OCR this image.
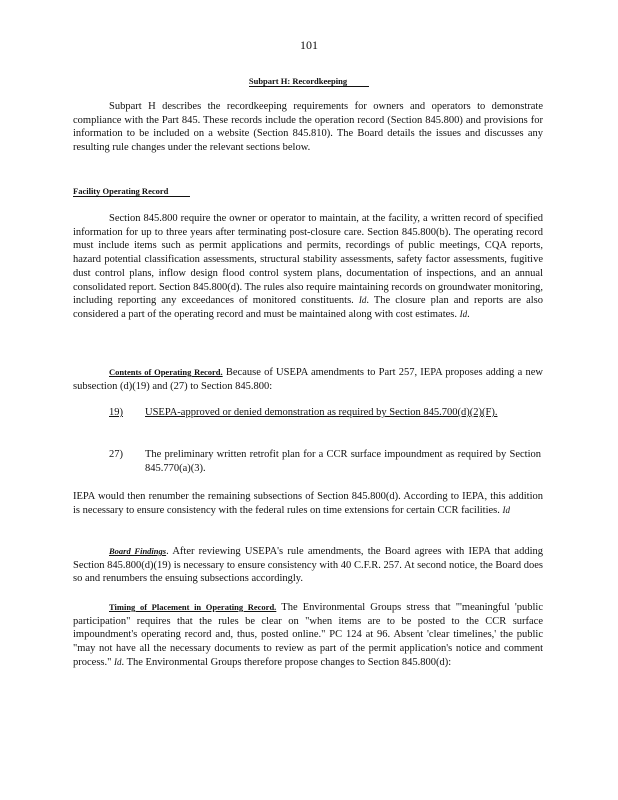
101
Subpart H: Recordkeeping
Subpart H describes the recordkeeping requirements for owners and operators to demonstrate compliance with the Part 845. These records include the operation record (Section 845.800) and provisions for information to be included on a website (Section 845.810). The Board details the issues and discusses any resulting rule changes under the relevant sections below.
Facility Operating Record
Section 845.800 require the owner or operator to maintain, at the facility, a written record of specified information for up to three years after terminating post-closure care. Section 845.800(b). The operating record must include items such as permit applications and permits, recordings of public meetings, CQA reports, hazard potential classification assessments, structural stability assessments, safety factor assessments, fugitive dust control plans, inflow design flood control system plans, documentation of inspections, and an annual consolidated report. Section 845.800(d). The rules also require maintaining records on groundwater monitoring, including reporting any exceedances of monitored constituents. Id. The closure plan and reports are also considered a part of the operating record and must be maintained along with cost estimates. Id.
Contents of Operating Record. Because of USEPA amendments to Part 257, IEPA proposes adding a new subsection (d)(19) and (27) to Section 845.800:
19) USEPA-approved or denied demonstration as required by Section 845.700(d)(2)(F).
27) The preliminary written retrofit plan for a CCR surface impoundment as required by Section 845.770(a)(3).
IEPA would then renumber the remaining subsections of Section 845.800(d). According to IEPA, this addition is necessary to ensure consistency with the federal rules on time extensions for certain CCR facilities. Id
Board Findings. After reviewing USEPA's rule amendments, the Board agrees with IEPA that adding Section 845.800(d)(19) is necessary to ensure consistency with 40 C.F.R. 257. At second notice, the Board does so and renumbers the ensuing subsections accordingly.
Timing of Placement in Operating Record. The Environmental Groups stress that "'meaningful 'public participation" requires that the rules be clear on "when items are to be posted to the CCR surface impoundment's operating record and, thus, posted online." PC 124 at 96. Absent 'clear timelines,' the public "may not have all the necessary documents to review as part of the permit application's notice and comment process." Id. The Environmental Groups therefore propose changes to Section 845.800(d):
